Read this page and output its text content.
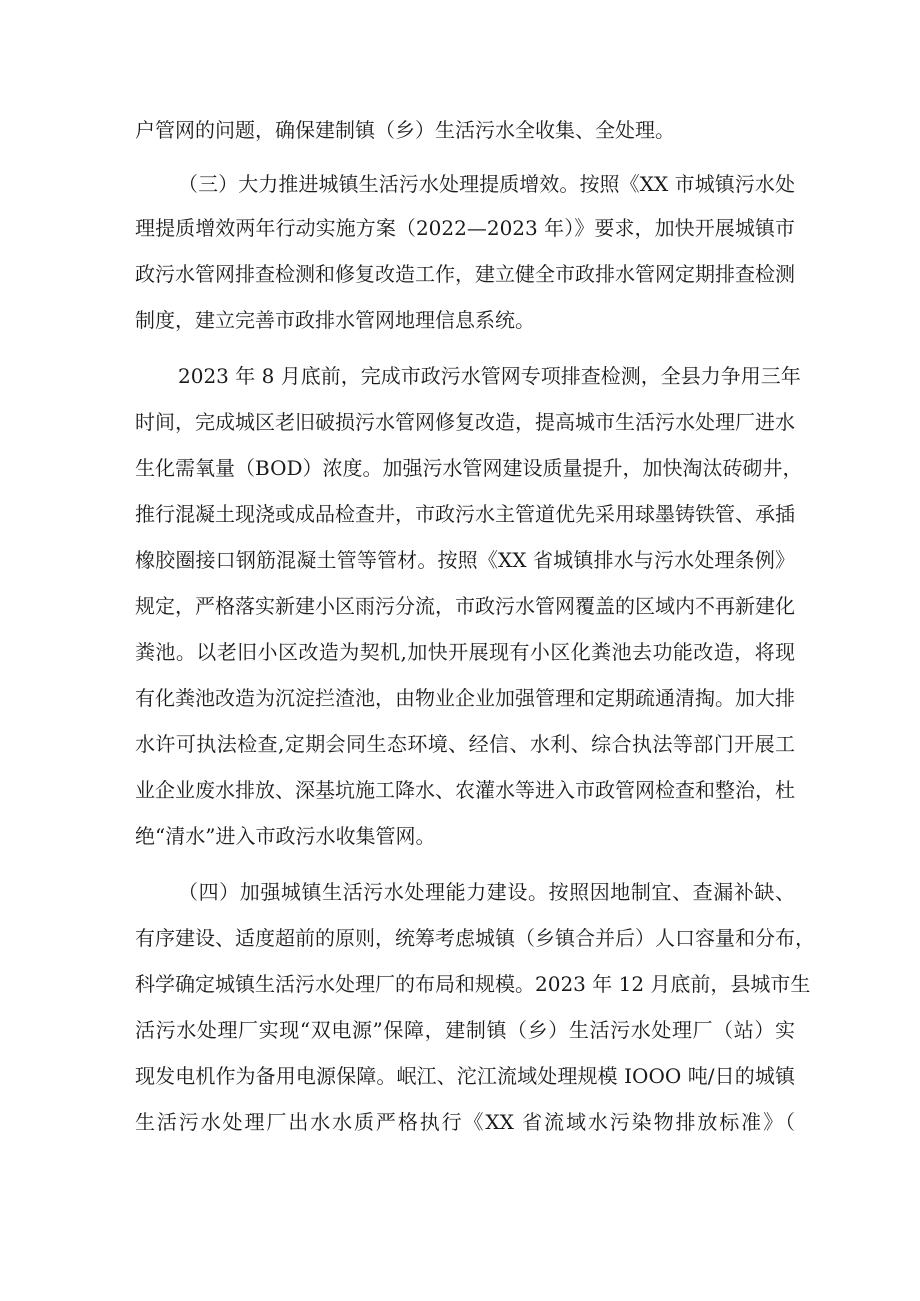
户管网的问题，确保建制镇（乡）生活污水全收集、全处理。
（三）大力推进城镇生活污水处理提质增效。按照《XX 市城镇污水处
理提质增效两年行动实施方案（2022—2023 年）》要求，加快开展城镇市
政污水管网排查检测和修复改造工作，建立健全市政排水管网定期排查检测
制度，建立完善市政排水管网地理信息系统。
2023 年 8 月底前，完成市政污水管网专项排查检测，全县力争用三年
时间，完成城区老旧破损污水管网修复改造，提高城市生活污水处理厂进水
生化需氧量（BOD）浓度。加强污水管网建设质量提升，加快淘汰砖砌井，
推行混凝土现浇或成品检查井，市政污水主管道优先采用球墨铸铁管、承插
橡胶圈接口钢筋混凝土管等管材。按照《XX 省城镇排水与污水处理条例》
规定，严格落实新建小区雨污分流，市政污水管网覆盖的区域内不再新建化
粪池。以老旧小区改造为契机,加快开展现有小区化粪池去功能改造，将现
有化粪池改造为沉淀拦渣池，由物业企业加强管理和定期疏通清掏。加大排
水许可执法检查,定期会同生态环境、经信、水利、综合执法等部门开展工
业企业废水排放、深基坑施工降水、农灌水等进入市政管网检查和整治，杜
绝“清水”进入市政污水收集管网。
（四）加强城镇生活污水处理能力建设。按照因地制宜、查漏补缺、
有序建设、适度超前的原则，统筹考虑城镇（乡镇合并后）人口容量和分布，
科学确定城镇生活污水处理厂的布局和规模。2023 年 12 月底前，县城市生
活污水处理厂实现“双电源”保障，建制镇（乡）生活污水处理厂（站）实
现发电机作为备用电源保障。岷江、沱江流域处理规模 IOOO 吨/日的城镇
生活污水处理厂出水水质严格执行《XX 省流域水污染物排放标准》（
